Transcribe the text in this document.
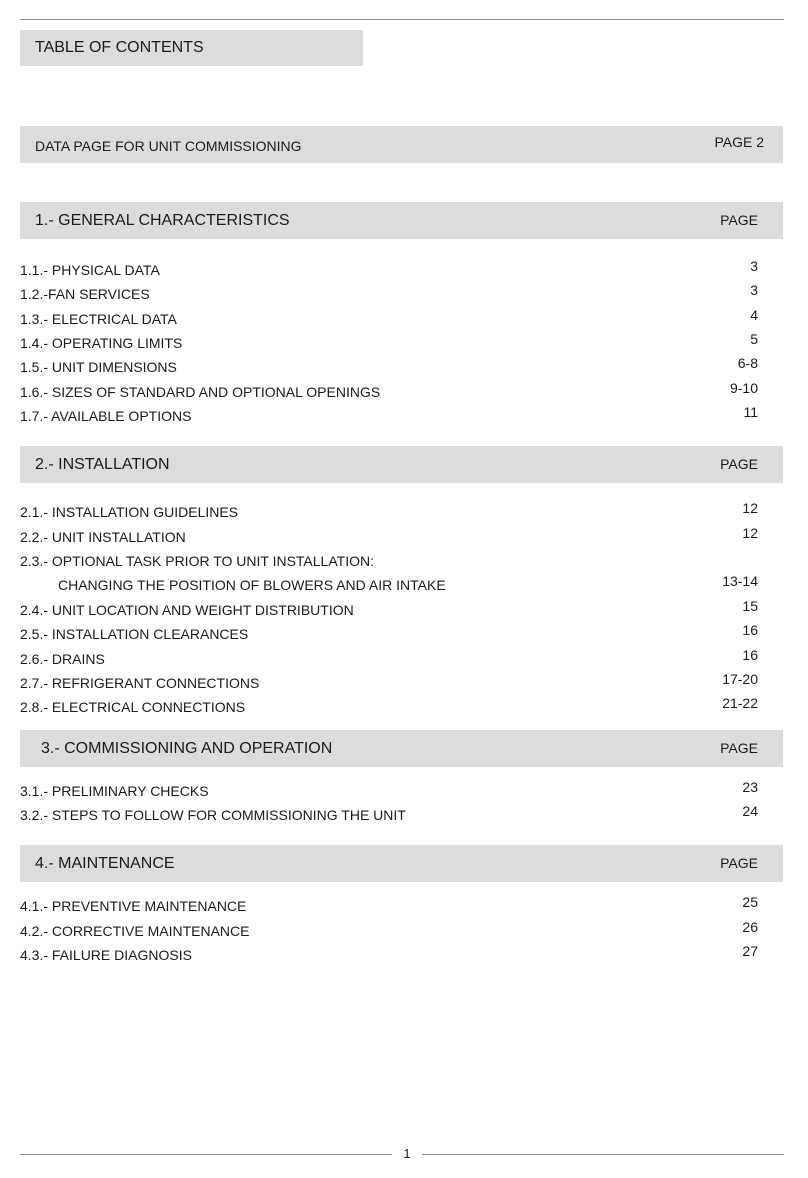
TABLE OF CONTENTS
DATA PAGE FOR UNIT COMMISSIONING	PAGE 2
1.- GENERAL CHARACTERISTICS	PAGE
1.1.- PHYSICAL DATA	3
1.2.-FAN SERVICES	3
1.3.- ELECTRICAL DATA	4
1.4.- OPERATING LIMITS	5
1.5.- UNIT DIMENSIONS	6-8
1.6.- SIZES OF STANDARD AND OPTIONAL OPENINGS	9-10
1.7.- AVAILABLE OPTIONS	11
2.- INSTALLATION	PAGE
2.1.- INSTALLATION GUIDELINES	12
2.2.- UNIT INSTALLATION	12
2.3.- OPTIONAL TASK PRIOR TO UNIT INSTALLATION:
CHANGING THE POSITION OF BLOWERS AND AIR INTAKE	13-14
2.4.- UNIT LOCATION AND WEIGHT DISTRIBUTION	15
2.5.- INSTALLATION CLEARANCES	16
2.6.- DRAINS	16
2.7.- REFRIGERANT CONNECTIONS	17-20
2.8.- ELECTRICAL CONNECTIONS	21-22
3.- COMMISSIONING AND OPERATION	PAGE
3.1.- PRELIMINARY CHECKS	23
3.2.- STEPS TO FOLLOW FOR COMMISSIONING THE UNIT	24
4.- MAINTENANCE	PAGE
4.1.- PREVENTIVE MAINTENANCE	25
4.2.- CORRECTIVE MAINTENANCE	26
4.3.- FAILURE DIAGNOSIS	27
1
